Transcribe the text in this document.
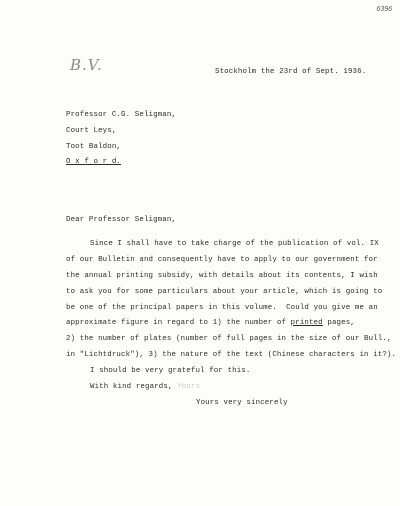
6396
B.V.	Stockholm the 23rd of Sept. 1936.
Professor C.G. Seligman,
Court Leys,
Toot Baldon,
O x f o r d.
Dear Professor Seligman,
Since I shall have to take charge of the publication of vol. IX
of our Bulletin and consequently have to apply to our government for
the annual printing subsidy, with details about its contents, I wish
to ask you for some particulars about your article, which is going to
be one of the principal papers in this volume.  Could you give me an
approximate figure in regard to 1) the number of printed pages,
2) the number of plates (number of full pages in the size of our Bull.,
in "Lichtdruck"), 3) the nature of the text (Chinese characters in it?).
I should be very grateful for this.
With kind regards, Yours
Yours very sincerely
